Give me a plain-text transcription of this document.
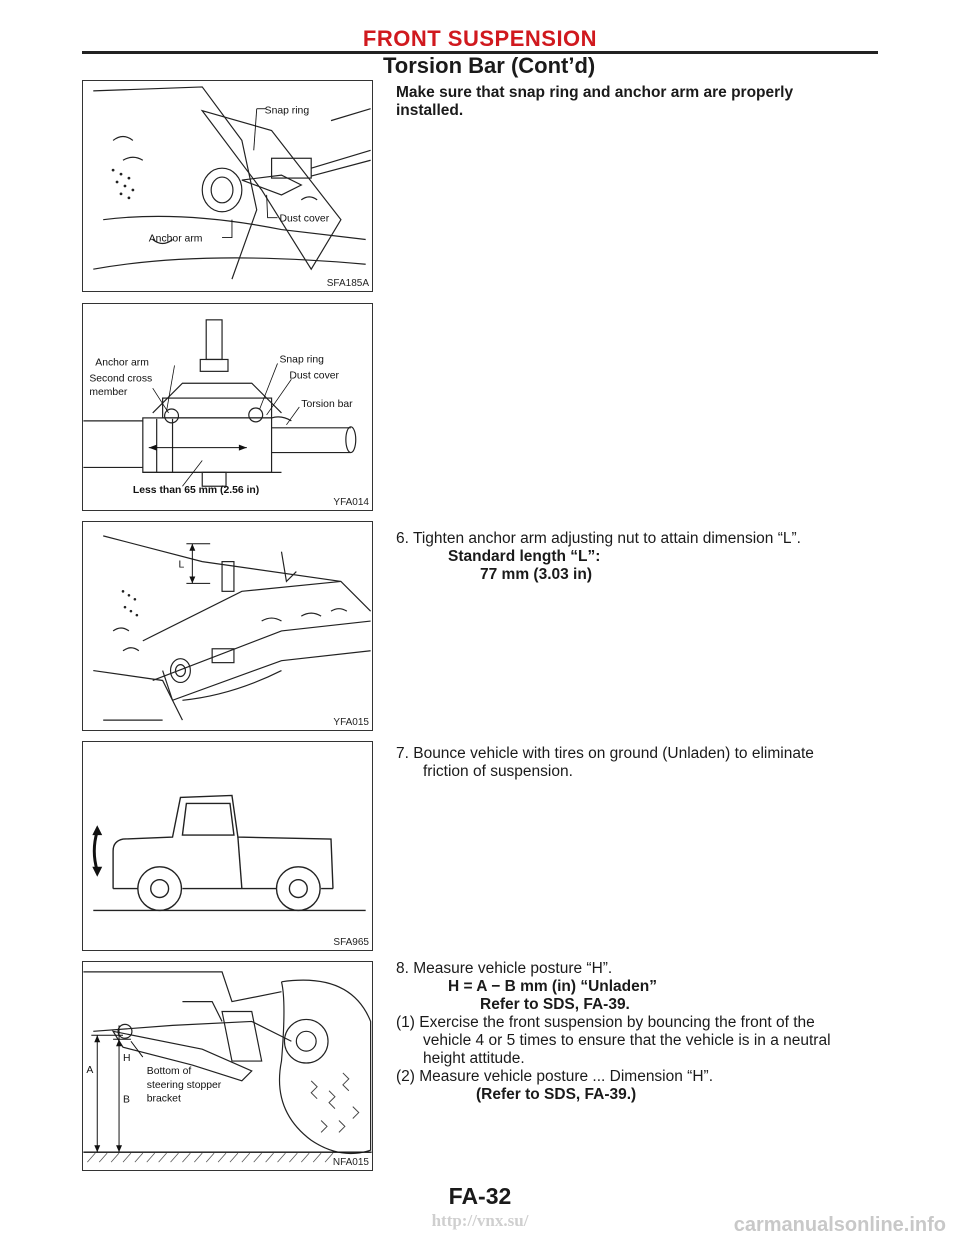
FRONT SUSPENSION
Torsion Bar (Cont’d)
Snap ring
Dust cover
Anchor arm
SFA185A
Anchor arm	Snap ring
Second cross
member
Dust cover
Torsion bar
Less than 65 mm (2.56 in)
YFA014
L
YFA015
SFA965
H
A
B
Bottom of
steering stopper
bracket
NFA015

Make sure that snap ring and anchor arm are properly

installed.

6. Tighten anchor arm adjusting nut to attain dimension “L”.

Standard length “L”:

77 mm (3.03 in)

7. Bounce vehicle with tires on ground (Unladen) to eliminate

friction of suspension.

8. Measure vehicle posture “H”.

H = A − B mm (in) “Unladen”

Refer to SDS, FA-39.

(1) Exercise the front suspension by bouncing the front of the

vehicle 4 or 5 times to ensure that the vehicle is in a neutral

height attitude.

(2) Measure vehicle posture ... Dimension “H”.

(Refer to SDS, FA-39.)

FA-32
http://vnx.su/	carmanualsonline.info
